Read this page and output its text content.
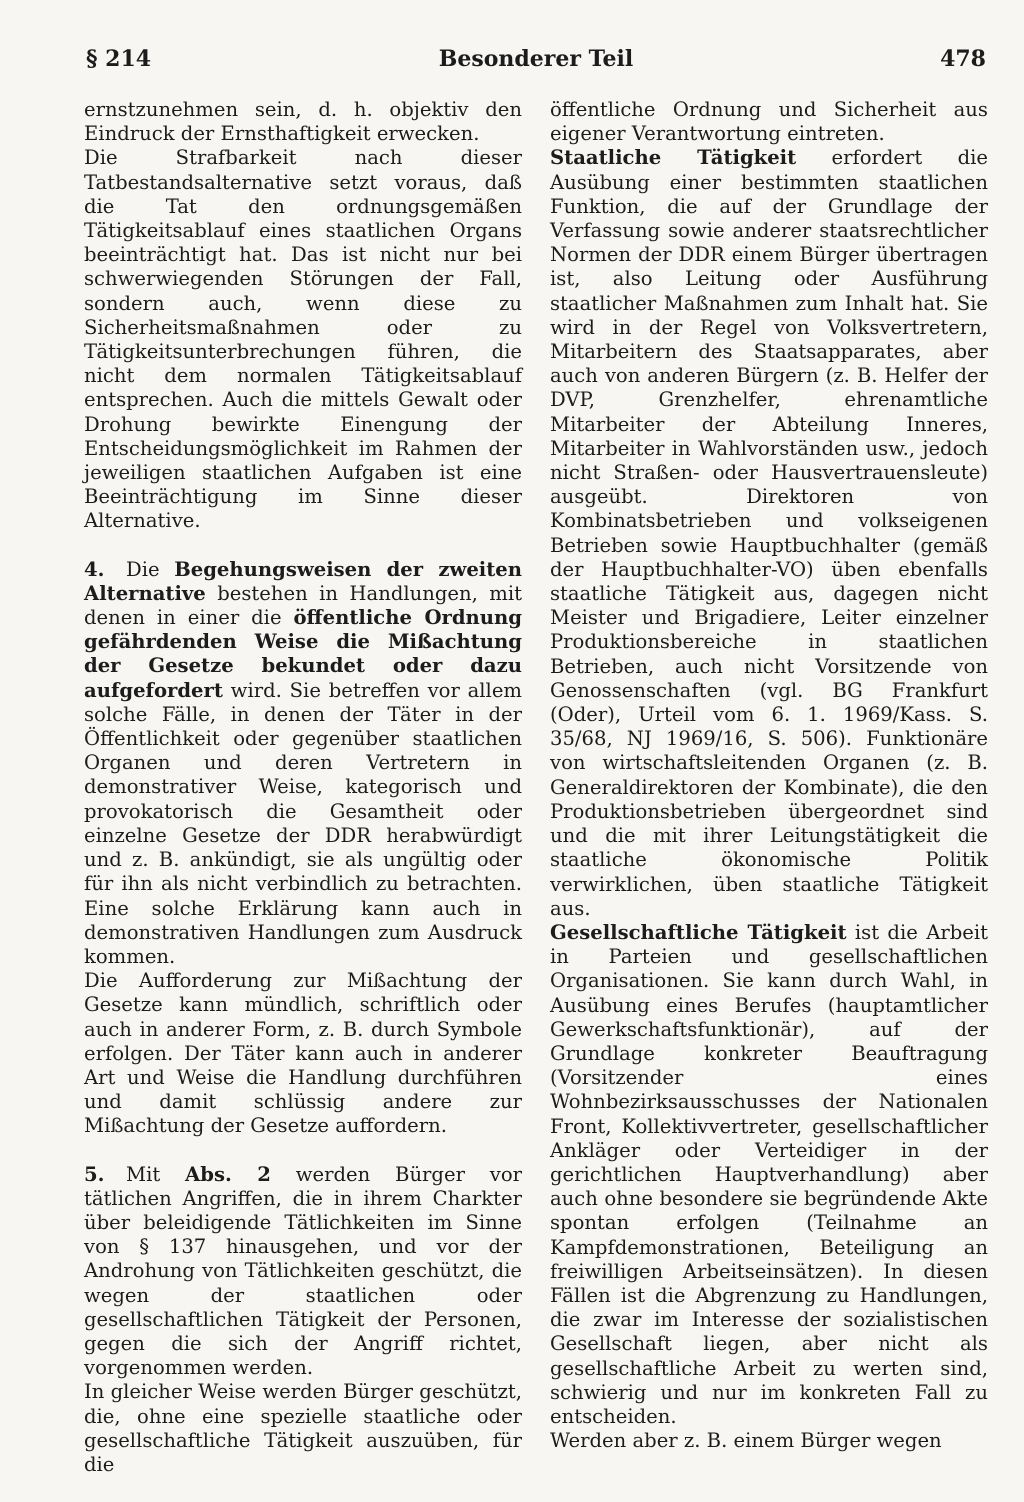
§ 214	Besonderer Teil	478

ernstzunehmen sein, d. h. objektiv den Eindruck der Ernsthaftigkeit erwecken.

Die Strafbarkeit nach dieser Tatbestandsalternative setzt voraus, daß die Tat den ordnungsgemäßen Tätigkeitsablauf eines staatlichen Organs beeinträchtigt hat. Das ist nicht nur bei schwerwiegenden Störungen der Fall, sondern auch, wenn diese zu Sicherheitsmaßnahmen oder zu Tätigkeitsunterbrechungen führen, die nicht dem normalen Tätigkeitsablauf entsprechen. Auch die mittels Gewalt oder Drohung bewirkte Einengung der Entscheidungsmöglichkeit im Rahmen der jeweiligen staatlichen Aufgaben ist eine Beeinträchtigung im Sinne dieser Alternative.

4. Die Begehungsweisen der zweiten Alternative bestehen in Handlungen, mit denen in einer die öffentliche Ordnung gefährdenden Weise die Mißachtung der Gesetze bekundet oder dazu aufgefordert wird. Sie betreffen vor allem solche Fälle, in denen der Täter in der Öffentlichkeit oder gegenüber staatlichen Organen und deren Vertretern in demonstrativer Weise, kategorisch und provokatorisch die Gesamtheit oder einzelne Gesetze der DDR herabwürdigt und z. B. ankündigt, sie als ungültig oder für ihn als nicht verbindlich zu betrachten. Eine solche Erklärung kann auch in demonstrativen Handlungen zum Ausdruck kommen.

Die Aufforderung zur Mißachtung der Gesetze kann mündlich, schriftlich oder auch in anderer Form, z. B. durch Symbole erfolgen. Der Täter kann auch in anderer Art und Weise die Handlung durchführen und damit schlüssig andere zur Mißachtung der Gesetze auffordern.

5. Mit Abs. 2 werden Bürger vor tätlichen Angriffen, die in ihrem Charkter über beleidigende Tätlichkeiten im Sinne von § 137 hinausgehen, und vor der Androhung von Tätlichkeiten geschützt, die wegen der staatlichen oder gesellschaftlichen Tätigkeit der Personen, gegen die sich der Angriff richtet, vorgenommen werden.

In gleicher Weise werden Bürger geschützt, die, ohne eine spezielle staatliche oder gesellschaftliche Tätigkeit auszuüben, für die

öffentliche Ordnung und Sicherheit aus eigener Verantwortung eintreten.

Staatliche Tätigkeit erfordert die Ausübung einer bestimmten staatlichen Funktion, die auf der Grundlage der Verfassung sowie anderer staatsrechtlicher Normen der DDR einem Bürger übertragen ist, also Leitung oder Ausführung staatlicher Maßnahmen zum Inhalt hat. Sie wird in der Regel von Volksvertretern, Mitarbeitern des Staatsapparates, aber auch von anderen Bürgern (z. B. Helfer der DVP, Grenzhelfer, ehrenamtliche Mitarbeiter der Abteilung Inneres, Mitarbeiter in Wahlvorständen usw., jedoch nicht Straßen- oder Hausvertrauensleute) ausgeübt. Direktoren von Kombinatsbetrieben und volkseigenen Betrieben sowie Hauptbuchhalter (gemäß der Hauptbuchhalter-VO) üben ebenfalls staatliche Tätigkeit aus, dagegen nicht Meister und Brigadiere, Leiter einzelner Produktionsbereiche in staatlichen Betrieben, auch nicht Vorsitzende von Genossenschaften (vgl. BG Frankfurt (Oder), Urteil vom 6. 1. 1969/Kass. S. 35/68, NJ 1969/16, S. 506). Funktionäre von wirtschaftsleitenden Organen (z. B. Generaldirektoren der Kombinate), die den Produktionsbetrieben übergeordnet sind und die mit ihrer Leitungstätigkeit die staatliche ökonomische Politik verwirklichen, üben staatliche Tätigkeit aus.

Gesellschaftliche Tätigkeit ist die Arbeit in Parteien und gesellschaftlichen Organisationen. Sie kann durch Wahl, in Ausübung eines Berufes (hauptamtlicher Gewerkschaftsfunktionär), auf der Grundlage konkreter Beauftragung (Vorsitzender eines Wohnbezirksausschusses der Nationalen Front, Kollektivvertreter, gesellschaftlicher Ankläger oder Verteidiger in der gerichtlichen Hauptverhandlung) aber auch ohne besondere sie begründende Akte spontan erfolgen (Teilnahme an Kampfdemonstrationen, Beteiligung an freiwilligen Arbeitseinsätzen). In diesen Fällen ist die Abgrenzung zu Handlungen, die zwar im Interesse der sozialistischen Gesellschaft liegen, aber nicht als gesellschaftliche Arbeit zu werten sind, schwierig und nur im konkreten Fall zu entscheiden.

Werden aber z. B. einem Bürger wegen
